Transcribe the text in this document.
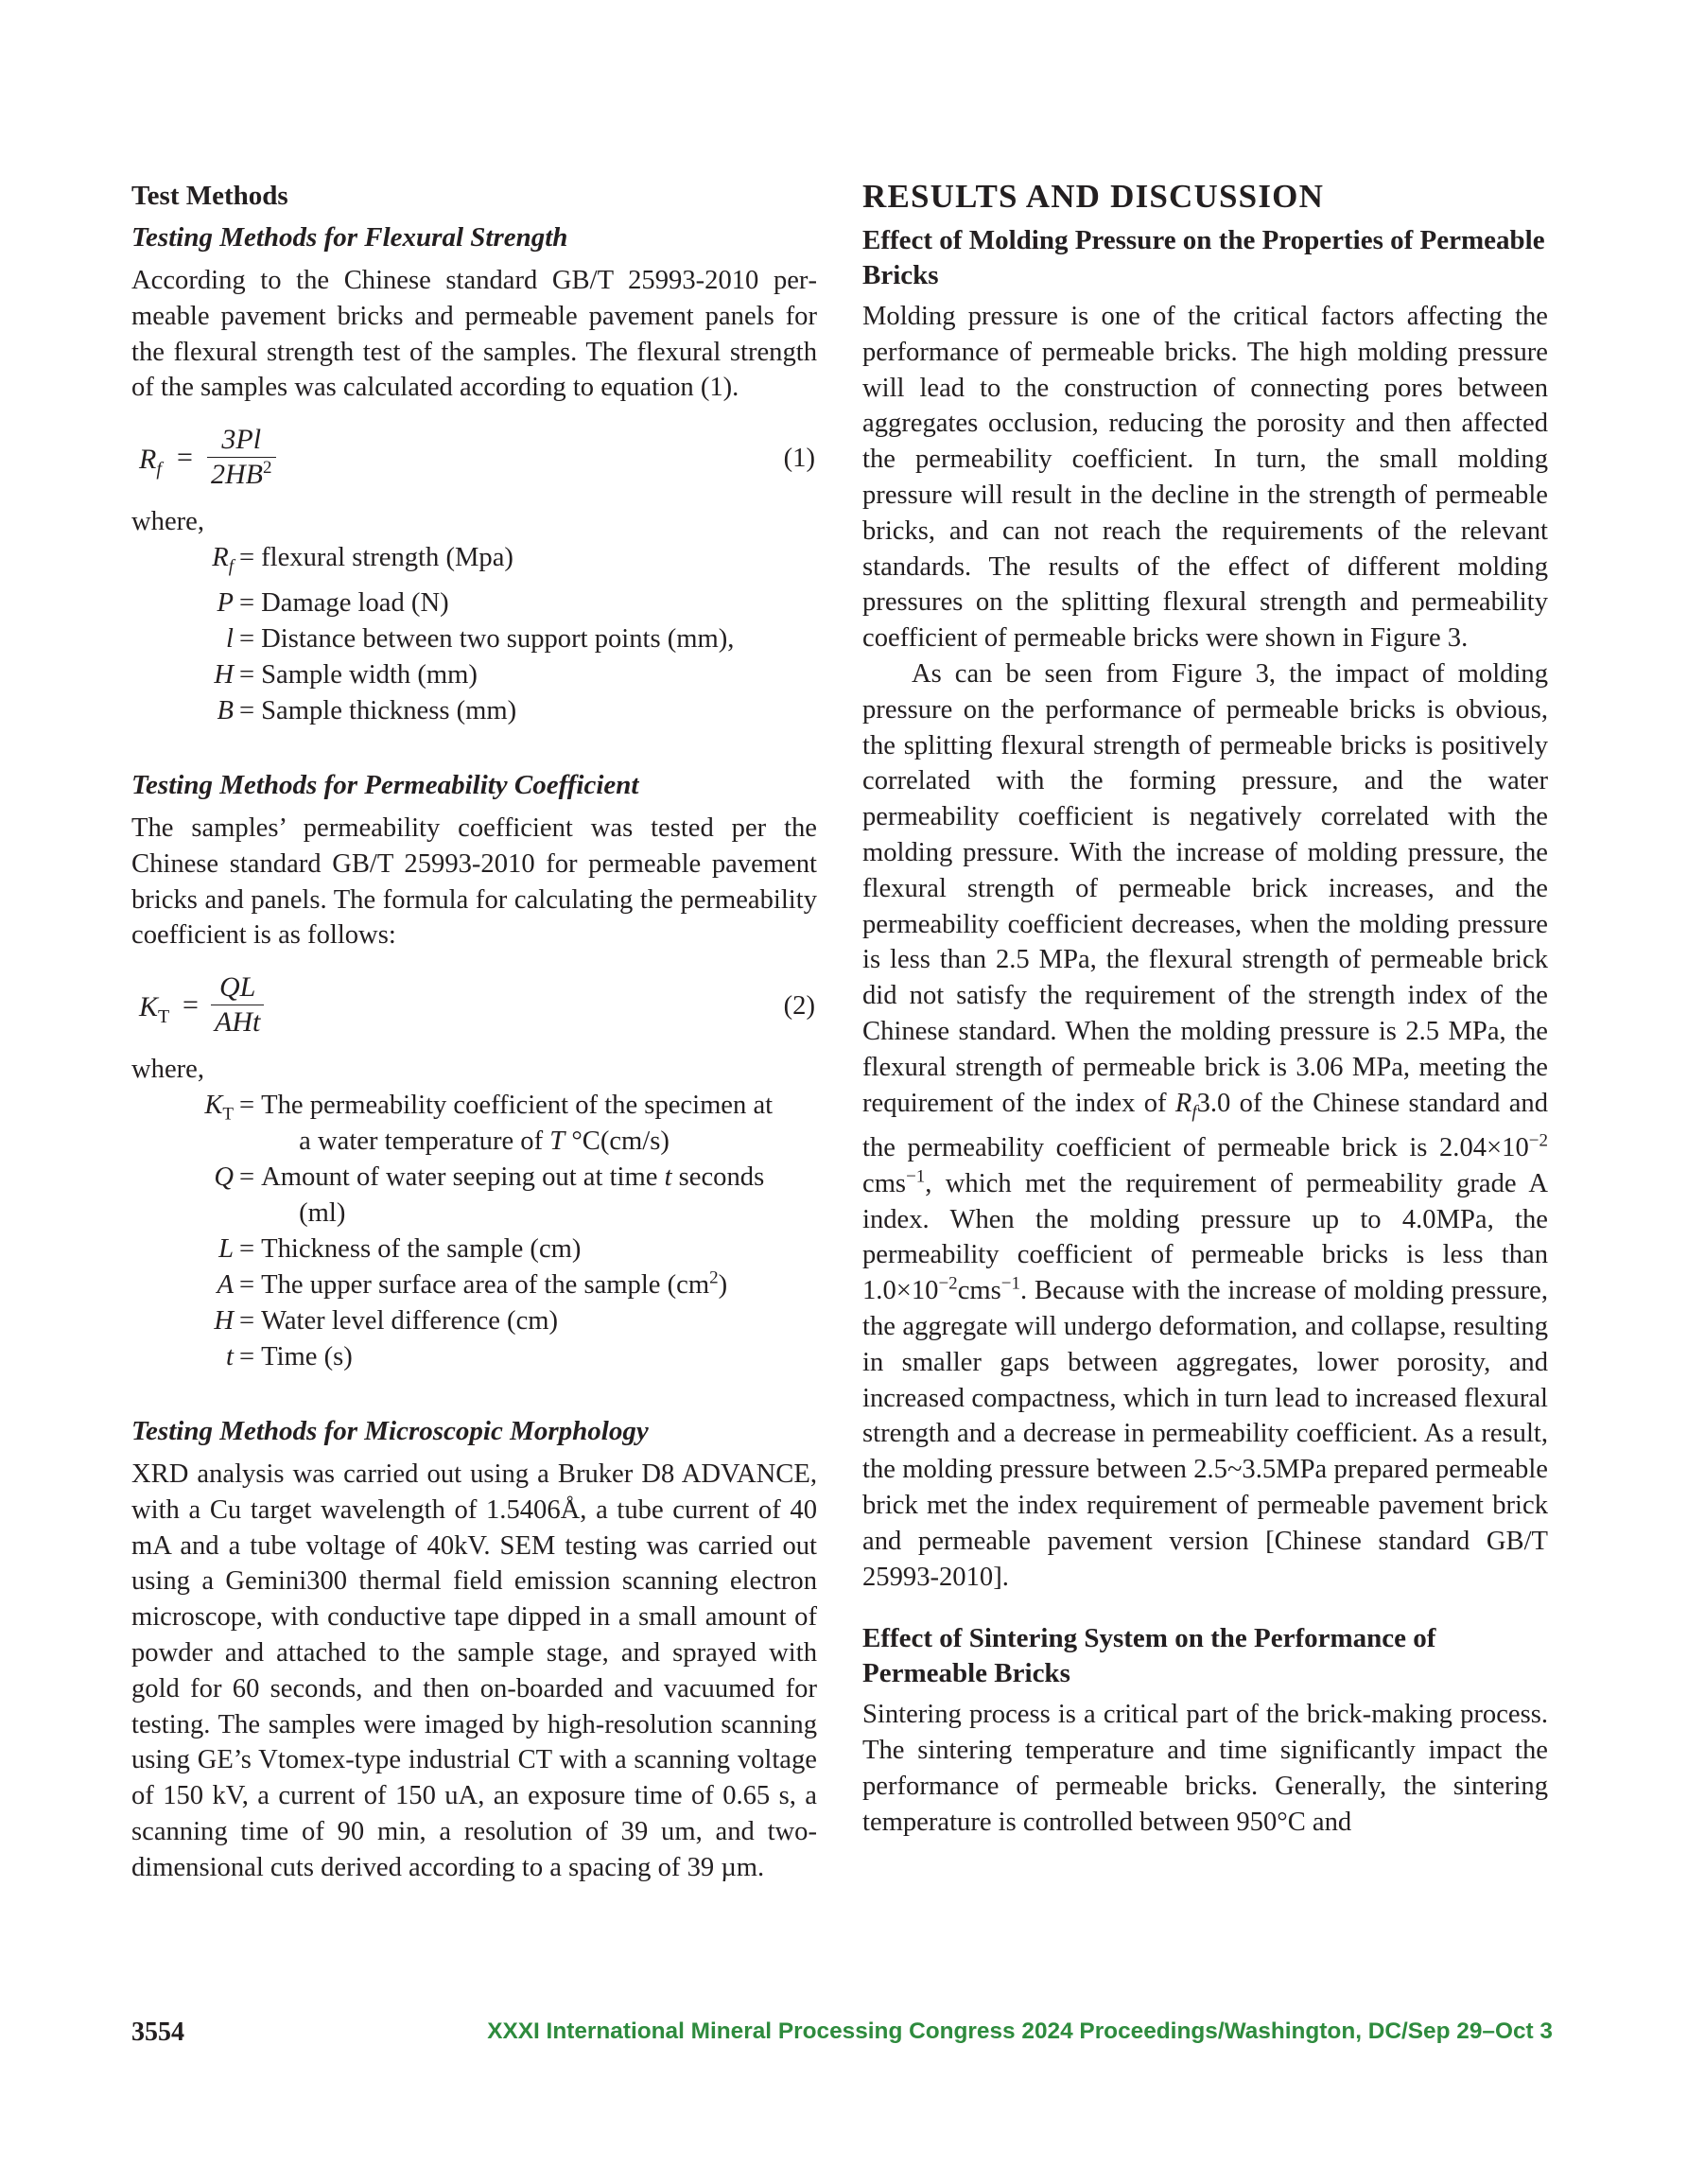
Test Methods
Testing Methods for Flexural Strength

According to the Chinese standard GB/T 25993-2010 permeable pavement bricks and permeable pavement panels for the flexural strength test of the samples. The flexural strength of the samples was calculated according to equation (1).

$R_f = \frac{3Pl}{2HB^2}$	(1)
where,
$R_f$ = flexural strength (Mpa)
P = Damage load (N)
l = Distance between two support points (mm),
H = Sample width (mm)
B = Sample thickness (mm)
Testing Methods for Permeability Coefficient

The samples’ permeability coefficient was tested per the Chinese standard GB/T 25993-2010 for permeable pavement bricks and panels. The formula for calculating the permeability coefficient is as follows:

$K_T$ =
QL
AHt
(2)
where,
$K_T$ = The permeability coefficient of the specimen at
a water temperature of T °C(cm/s)
Q = Amount of water seeping out at time t seconds
(ml)
L = Thickness of the sample (cm)
A = The upper surface area of the sample $(cm^2)$
H = Water level difference (cm)
t = Time (s)
Testing Methods for Microscopic Morphology

XRD analysis was carried out using a Bruker D8 ADVANCE, with a Cu target wavelength of 1.5406Å, a tube current of 40 mA and a tube voltage of 40kV. SEM testing was carried out using a Gemini300 thermal field emission scanning electron microscope, with conductive tape dipped in a small amount of powder and attached to the sample stage, and sprayed with gold for 60 seconds, and then on-boarded and vacuumed for testing. The samples were imaged by high-resolution scanning using GE’s Vtomex-type industrial CT with a scanning voltage of 150 kV, a current of 150 uA, an exposure time of 0.65 s, a scanning time of 90 min, a resolution of 39 um, and two-dimensional cuts derived according to a spacing of 39 µm.

RESULTS AND DISCUSSION
Effect of Molding Pressure on the Properties of Permeable Bricks

Molding pressure is one of the critical factors affecting the performance of permeable bricks. The high molding pressure will lead to the construction of connecting pores between aggregates occlusion, reducing the porosity and then affected the permeability coefficient. In turn, the small molding pressure will result in the decline in the strength of permeable bricks, and can not reach the requirements of the relevant standards. The results of the effect of different molding pressures on the splitting flexural strength and permeability coefficient of permeable bricks were shown in Figure 3.

As can be seen from Figure 3, the impact of molding pressure on the performance of permeable bricks is obvious, the splitting flexural strength of permeable bricks is positively correlated with the forming pressure, and the water permeability coefficient is negatively correlated with the molding pressure. With the increase of molding pressure, the flexural strength of permeable brick increases, and the permeability coefficient decreases, when the molding pressure is less than 2.5 MPa, the flexural strength of permeable brick did not satisfy the requirement of the strength index of the Chinese standard. When the molding pressure is 2.5 MPa, the flexural strength of permeable brick is 3.06 MPa, meeting the requirement of the index of $R_f3.0$ of the Chinese standard and the permeability coefficient of permeable brick is $2.04\times 10^{-2}$ cms$^{-1}$, which met the requirement of permeability grade A index. When the molding pressure up to 4.0MPa, the permeability coefficient of permeable bricks is less than $1.0\times 10^{-2}cms^{-1}$. Because with the increase of molding pressure, the aggregate will undergo deformation, and collapse, resulting in smaller gaps between aggregates, lower porosity, and increased compactness, which in turn lead to increased flexural strength and a decrease in permeability coefficient. As a result, the molding pressure between 2.5~3.5MPa prepared permeable brick met the index requirement of permeable pavement brick and permeable pavement version [Chinese standard GB/T 25993-2010].

Effect of Sintering System on the Performance of Permeable Bricks

Sintering process is a critical part of the brick-making process. The sintering temperature and time significantly impact the performance of permeable bricks. Generally, the sintering temperature is controlled between 950°C and

3554	XXXI International Mineral Processing Congress 2024 Proceedings/Washington, DC/Sep 29–Oct 3
